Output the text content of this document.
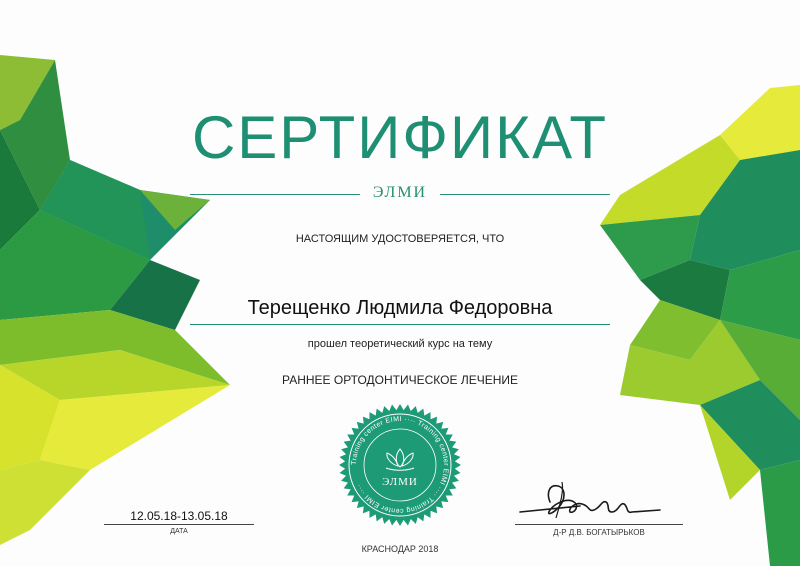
СЕРТИФИКАТ
ЭЛМИ
НАСТОЯЩИМ УДОСТОВЕРЯЕТСЯ, ЧТО
Терещенко Людмила Федоровна
прошел теоретический курс на тему
РАННЕЕ ОРТОДОНТИЧЕСКОЕ ЛЕЧЕНИЕ
Training center EIMI ···· Training center EIMI ···· Training center EIMI ····	ЭЛМИ
12.05.18-13.05.18
ДАТА	Д-Р Д.В. БОГАТЫРЬКОВ
КРАСНОДАР 2018
